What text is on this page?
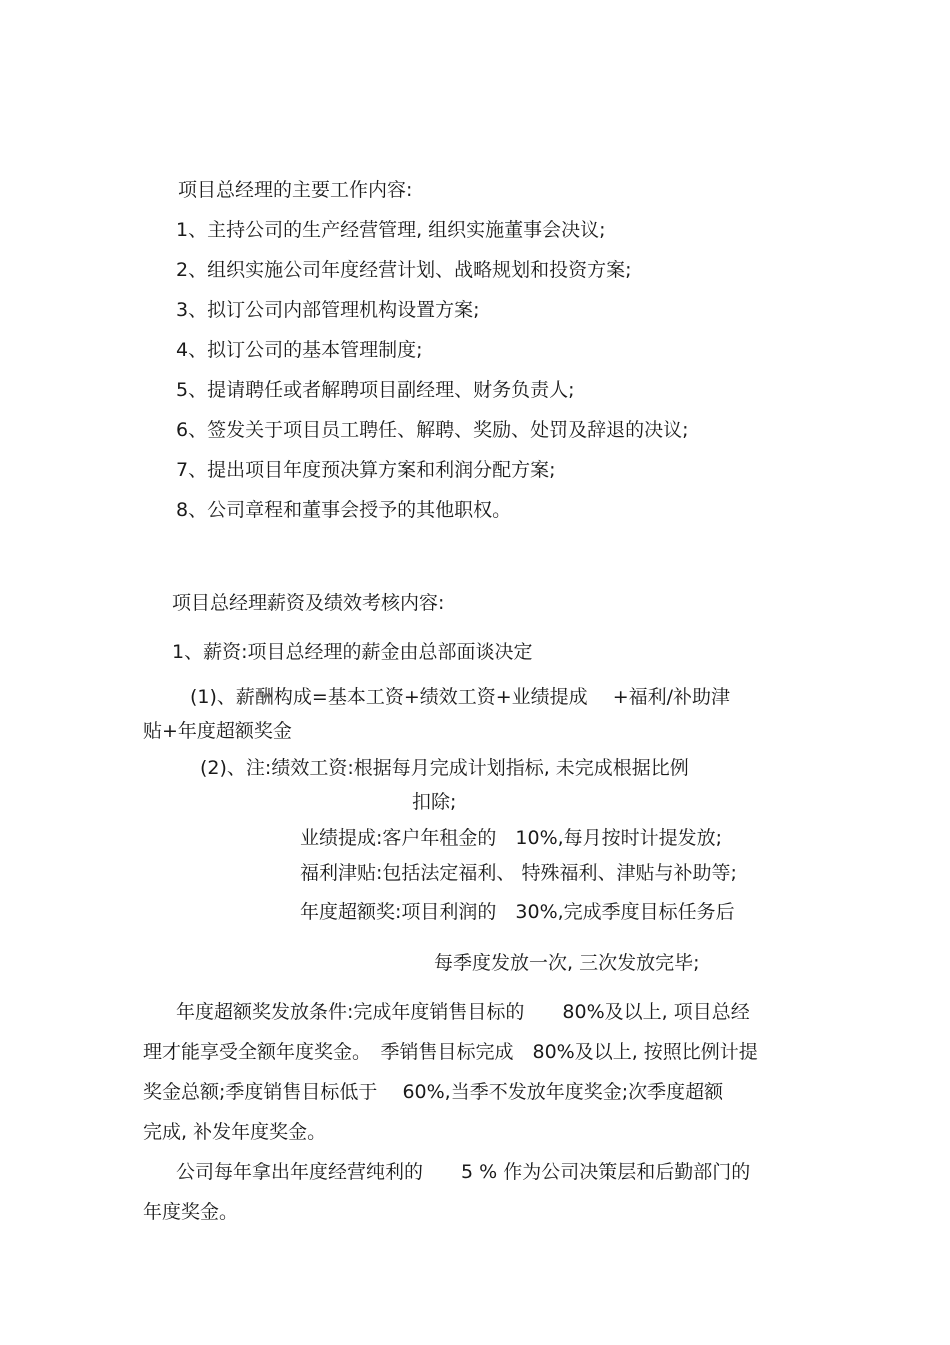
项目总经理的主要工作内容:
1、主持公司的生产经营管理, 组织实施董事会决议;
2、组织实施公司年度经营计划、战略规划和投资方案;
3、拟订公司内部管理机构设置方案;
4、拟订公司的基本管理制度;
5、提请聘任或者解聘项目副经理、财务负责人;
6、签发关于项目员工聘任、解聘、奖励、处罚及辞退的决议;
7、提出项目年度预决算方案和利润分配方案;
8、公司章程和董事会授予的其他职权。
项目总经理薪资及绩效考核内容:
1、薪资:项目总经理的薪金由总部面谈决定
(1)、薪酬构成=基本工资+绩效工资+业绩提成　 +福利/补助津
贴+年度超额奖金
(2)、注:绩效工资:根据每月完成计划指标, 未完成根据比例
扣除;
业绩提成:客户年租金的　10%,每月按时计提发放;
福利津贴:包括法定福利、 特殊福利、津贴与补助等;
年度超额奖:项目利润的　30%,完成季度目标任务后
每季度发放一次, 三次发放完毕;
年度超额奖发放条件:完成年度销售目标的　　80%及以上, 项目总经
理才能享受全额年度奖金。　季销售目标完成　80%及以上, 按照比例计提
奖金总额;季度销售目标低于　 60%,当季不发放年度奖金;次季度超额
完成, 补发年度奖金。
公司每年拿出年度经营纯利的　　5 % 作为公司决策层和后勤部门的
年度奖金。
